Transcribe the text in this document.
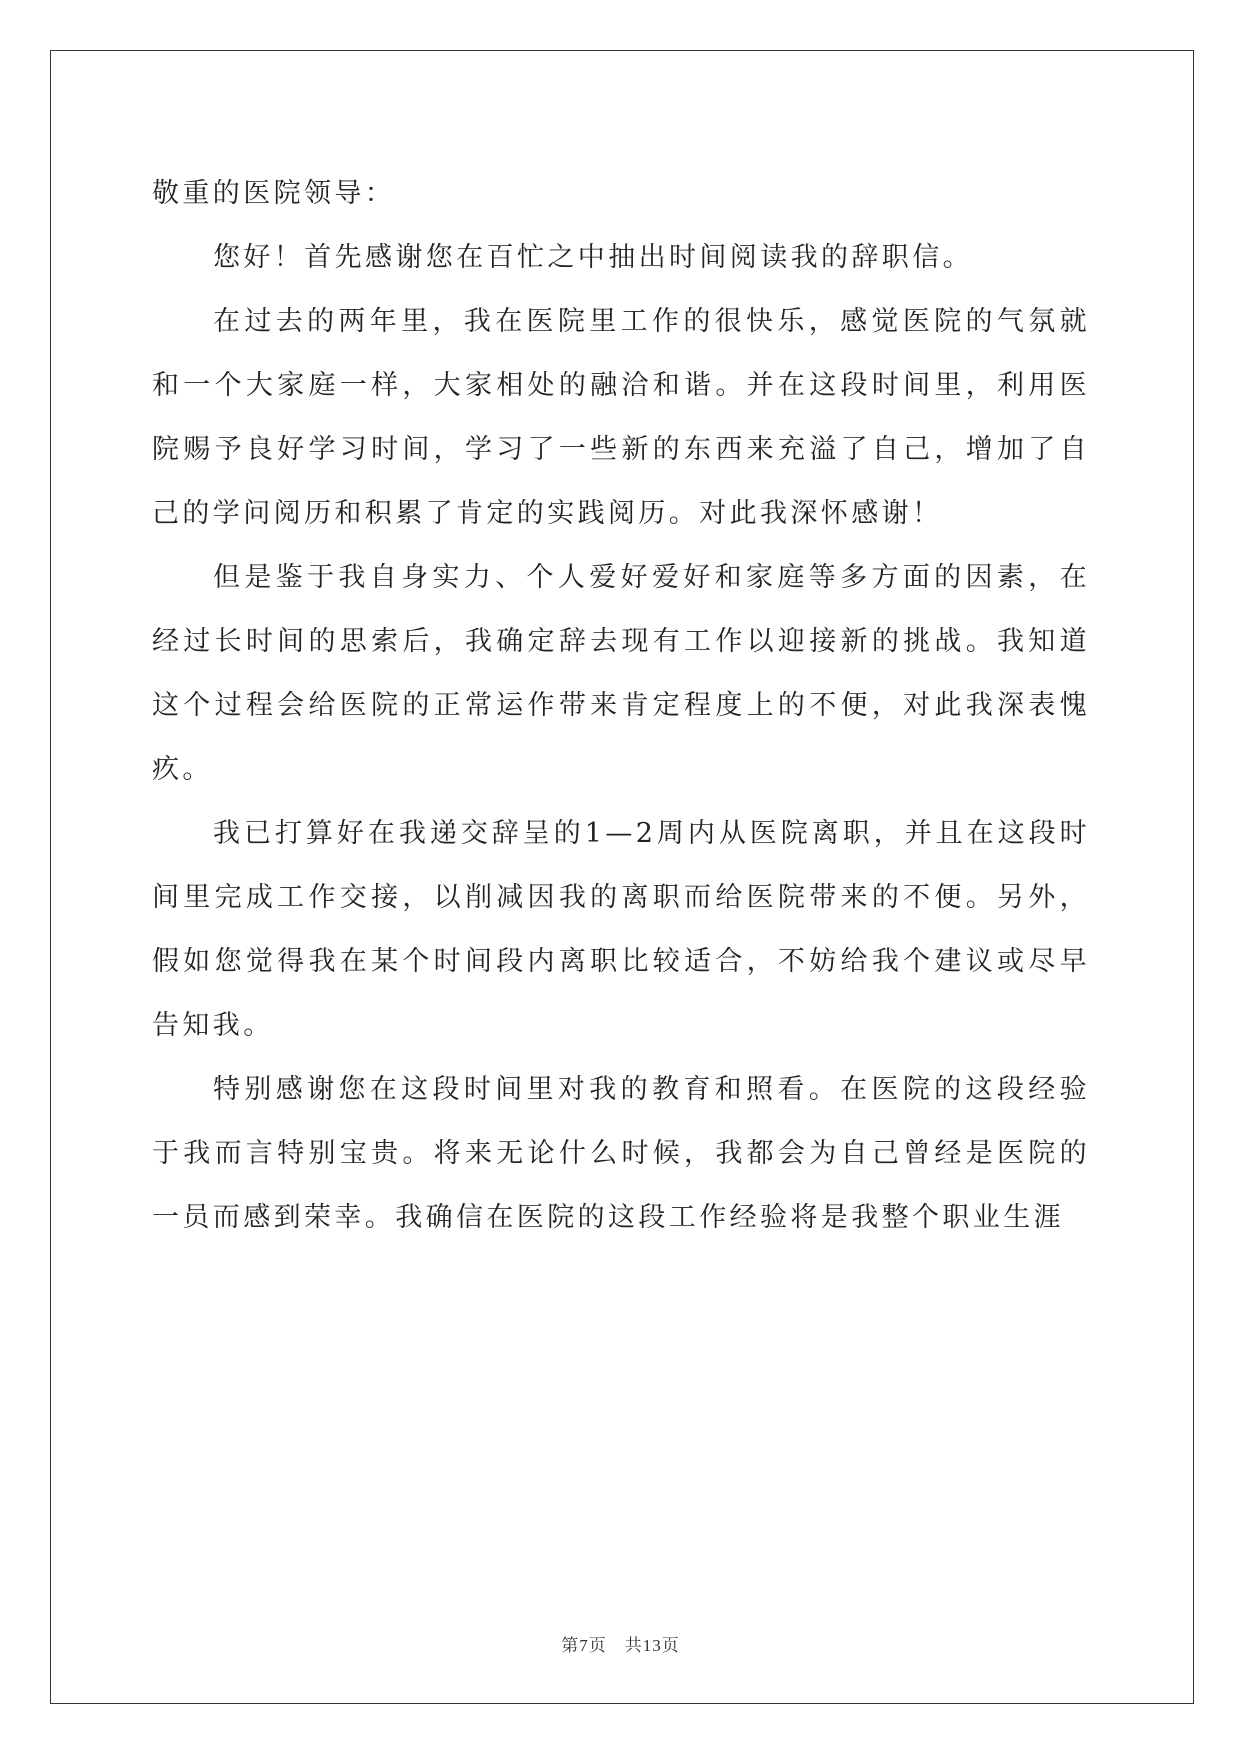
敬重的医院领导：

您好！首先感谢您在百忙之中抽出时间阅读我的辞职信。

在过去的两年里，我在医院里工作的很快乐，感觉医院的气氛就和一个大家庭一样，大家相处的融洽和谐。并在这段时间里，利用医院赐予良好学习时间，学习了一些新的东西来充溢了自己，增加了自己的学问阅历和积累了肯定的实践阅历。对此我深怀感谢！

但是鉴于我自身实力、个人爱好爱好和家庭等多方面的因素，在经过长时间的思索后，我确定辞去现有工作以迎接新的挑战。我知道这个过程会给医院的正常运作带来肯定程度上的不便，对此我深表愧疚。

我已打算好在我递交辞呈的1—2周内从医院离职，并且在这段时间里完成工作交接，以削减因我的离职而给医院带来的不便。另外，假如您觉得我在某个时间段内离职比较适合，不妨给我个建议或尽早告知我。

特别感谢您在这段时间里对我的教育和照看。在医院的这段经验于我而言特别宝贵。将来无论什么时候，我都会为自己曾经是医院的一员而感到荣幸。我确信在医院的这段工作经验将是我整个职业生涯

第7页 共13页
